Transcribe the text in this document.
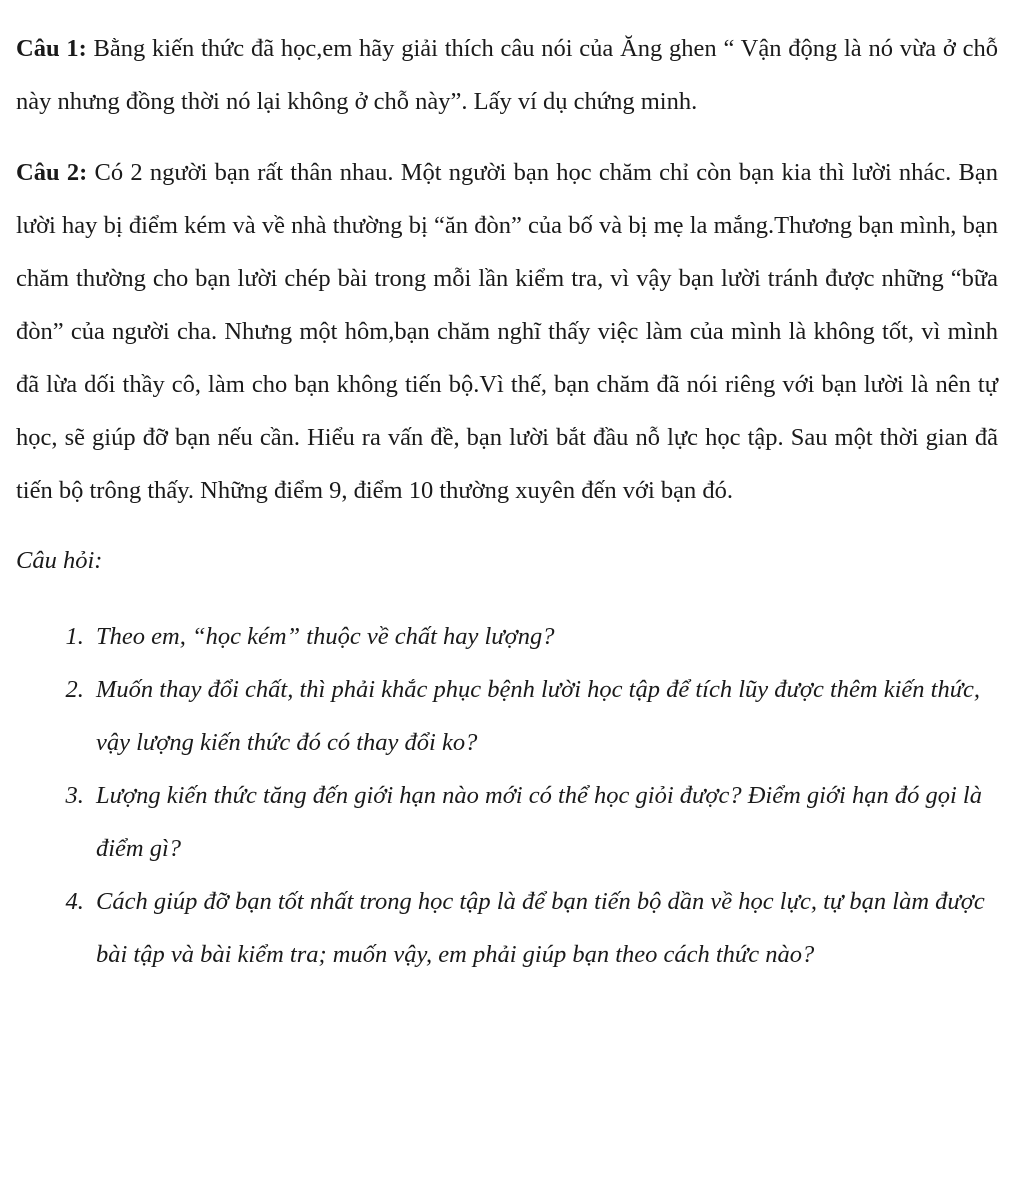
Câu 1: Bằng kiến thức đã học,em hãy giải thích câu nói của Ăng ghen “ Vận động là nó vừa ở chỗ này nhưng đồng thời nó lại không ở chỗ này”. Lấy ví dụ chứng minh.

Câu 2: Có 2 người bạn rất thân nhau. Một người bạn học chăm chỉ còn bạn kia thì lười nhác. Bạn lười hay bị điểm kém và về nhà thường bị “ăn đòn” của bố và bị mẹ la mắng.Thương bạn mình, bạn chăm thường cho bạn lười chép bài trong mỗi lần kiểm tra, vì vậy bạn lười tránh được những “bữa đòn” của người cha. Nhưng một hôm,bạn chăm nghĩ thấy việc làm của mình là không tốt, vì mình đã lừa dối thầy cô, làm cho bạn không tiến bộ.Vì thế, bạn chăm đã nói riêng với bạn lười là nên tự học, sẽ giúp đỡ bạn nếu cần. Hiểu ra vấn đề, bạn lười bắt đầu nỗ lực học tập. Sau một thời gian đã tiến bộ trông thấy. Những điểm 9, điểm 10 thường xuyên đến với bạn đó.

Câu hỏi:

1. Theo em, “học kém” thuộc về chất hay lượng?
2. Muốn thay đổi chất, thì phải khắc phục bệnh lười học tập để tích lũy được thêm kiến thức, vậy lượng kiến thức đó có thay đổi ko?
3. Lượng kiến thức tăng đến giới hạn nào mới có thể học giỏi được? Điểm giới hạn đó gọi là điểm gì?
4. Cách giúp đỡ bạn tốt nhất trong học tập là để bạn tiến bộ dần về học lực, tự bạn làm được bài tập và bài kiểm tra; muốn vậy, em phải giúp bạn theo cách thức nào?
